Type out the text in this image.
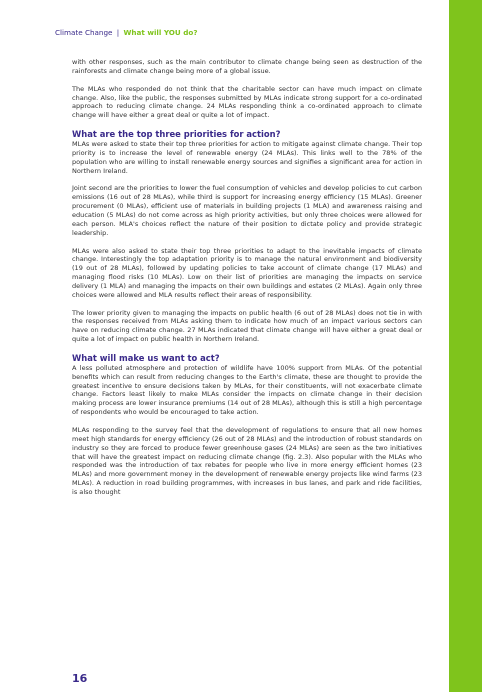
Climate Change | What will YOU do?

with other responses, such as the main contributor to climate change being seen as destruction of the rainforests and climate change being more of a global issue.

The MLAs who responded do not think that the charitable sector can have much impact on climate change. Also, like the public, the responses submitted by MLAs indicate strong support for a co-ordinated approach to reducing climate change. 24 MLAs responding think a co-ordinated approach to climate change will have either a great deal or quite a lot of impact.

What are the top three priorities for action?

MLAs were asked to state their top three priorities for action to mitigate against climate change. Their top priority is to increase the level of renewable energy (24 MLAs). This links well to the 78% of the population who are willing to install renewable energy sources and signifies a significant area for action in Northern Ireland.

Joint second are the priorities to lower the fuel consumption of vehicles and develop policies to cut carbon emissions (16 out of 28 MLAs), while third is support for increasing energy efficiency (15 MLAs). Greener procurement (0 MLAs), efficient use of materials in building projects (1 MLA) and awareness raising and education (5 MLAs) do not come across as high priority activities, but only three choices were allowed for each person. MLA's choices reflect the nature of their position to dictate policy and provide strategic leadership.

MLAs were also asked to state their top three priorities to adapt to the inevitable impacts of climate change. Interestingly the top adaptation priority is to manage the natural environment and biodiversity (19 out of 28 MLAs), followed by updating policies to take account of climate change (17 MLAs) and managing flood risks (10 MLAs). Low on their list of priorities are managing the impacts on service delivery (1 MLA) and managing the impacts on their own buildings and estates (2 MLAs). Again only three choices were allowed and MLA results reflect their areas of responsibility.

The lower priority given to managing the impacts on public health (6 out of 28 MLAs) does not tie in with the responses received from MLAs asking them to indicate how much of an impact various sectors can have on reducing climate change. 27 MLAs indicated that climate change will have either a great deal or quite a lot of impact on public health in Northern Ireland.

What will make us want to act?

A less polluted atmosphere and protection of wildlife have 100% support from MLAs. Of the potential benefits which can result from reducing changes to the Earth's climate, these are thought to provide the greatest incentive to ensure decisions taken by MLAs, for their constituents, will not exacerbate climate change. Factors least likely to make MLAs consider the impacts on climate change in their decision making process are lower insurance premiums (14 out of 28 MLAs), although this is still a high percentage of respondents who would be encouraged to take action.

MLAs responding to the survey feel that the development of regulations to ensure that all new homes meet high standards for energy efficiency (26 out of 28 MLAs) and the introduction of robust standards on industry so they are forced to produce fewer greenhouse gases (24 MLAs) are seen as the two initiatives that will have the greatest impact on reducing climate change (fig. 2.3). Also popular with the MLAs who responded was the introduction of tax rebates for people who live in more energy efficient homes (23 MLAs) and more government money in the development of renewable energy projects like wind farms (23 MLAs). A reduction in road building programmes, with increases in bus lanes, and park and ride facilities, is also thought

16
